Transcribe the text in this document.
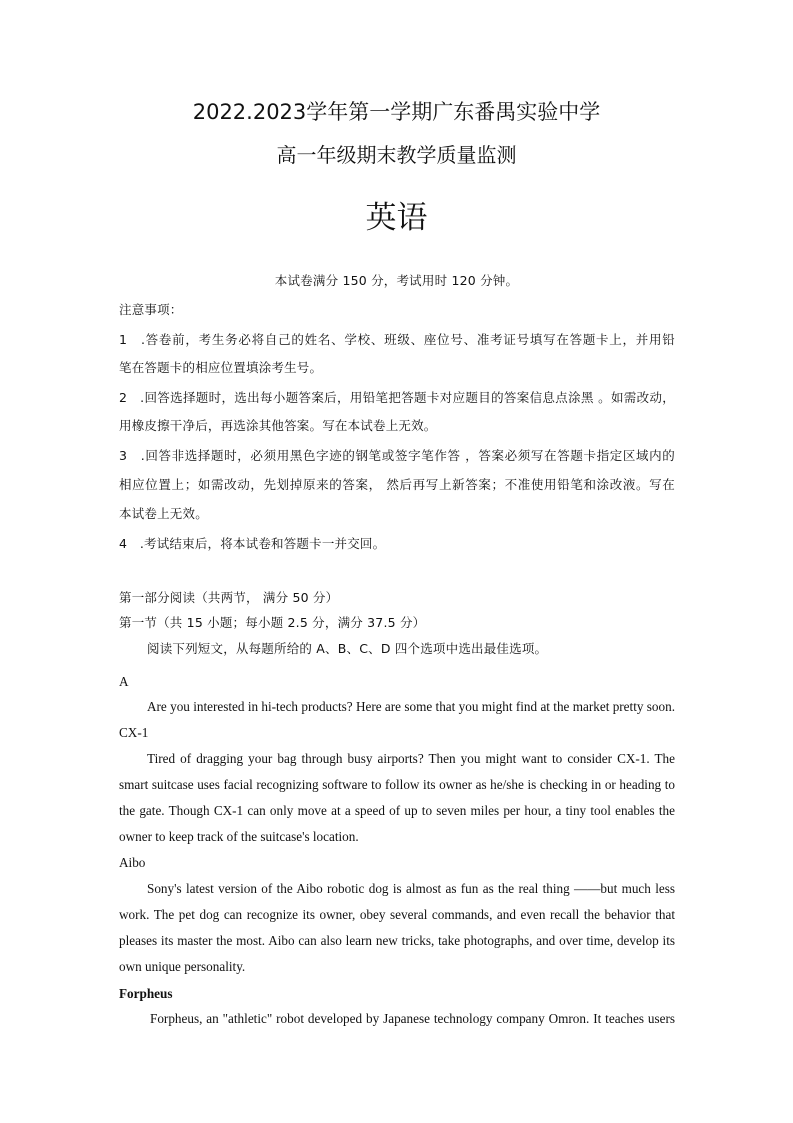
2022.2023学年第一学期广东番禺实验中学
高一年级期末教学质量监测
英语
本试卷满分 150 分，考试用时 120 分钟。
注意事项：
1　.答卷前，考生务必将自己的姓名、学校、班级、座位号、准考证号填写在答题卡上，并用铅
笔在答题卡的相应位置填涂考生号。
2　.回答选择题时，选出每小题答案后，用铅笔把答题卡对应题目的答案信息点涂黑 。如需改动，
用橡皮擦干净后，再选涂其他答案。写在本试卷上无效。
3　.回答非选择题时，必须用黑色字迹的钢笔或签字笔作答 ，答案必须写在答题卡指定区域内的
相应位置上；如需改动，先划掉原来的答案， 然后再写上新答案；不准使用铅笔和涂改液。写在
本试卷上无效。
4　.考试结束后，将本试卷和答题卡一并交回。
第一部分阅读（共两节， 满分 50 分）
第一节（共 15 小题；每小题 2.5 分，满分 37.5 分）
阅读下列短文，从每题所给的 A、B、C、D 四个选项中选出最佳选项。
A
Are you interested in hi-tech products? Here are some that you might find at the market pretty soon.
CX-1
Tired of dragging your bag through busy airports? Then you might want to consider CX-1. The
smart suitcase uses facial recognizing software to follow its owner as he/she is checking in or heading to
the gate. Though CX-1 can only move at a speed of up to seven miles per hour, a tiny tool enables the
owner to keep track of the suitcase's location.
Aibo
Sony's latest version of the Aibo robotic dog is almost as fun as the real thing ——but much less
work. The pet dog can recognize its owner, obey several commands, and even recall the behavior that
pleases its master the most. Aibo can also learn new tricks, take photographs, and over time, develop its
own unique personality.
Forpheus
Forpheus, an "athletic" robot developed by Japanese technology company Omron. It teaches users
